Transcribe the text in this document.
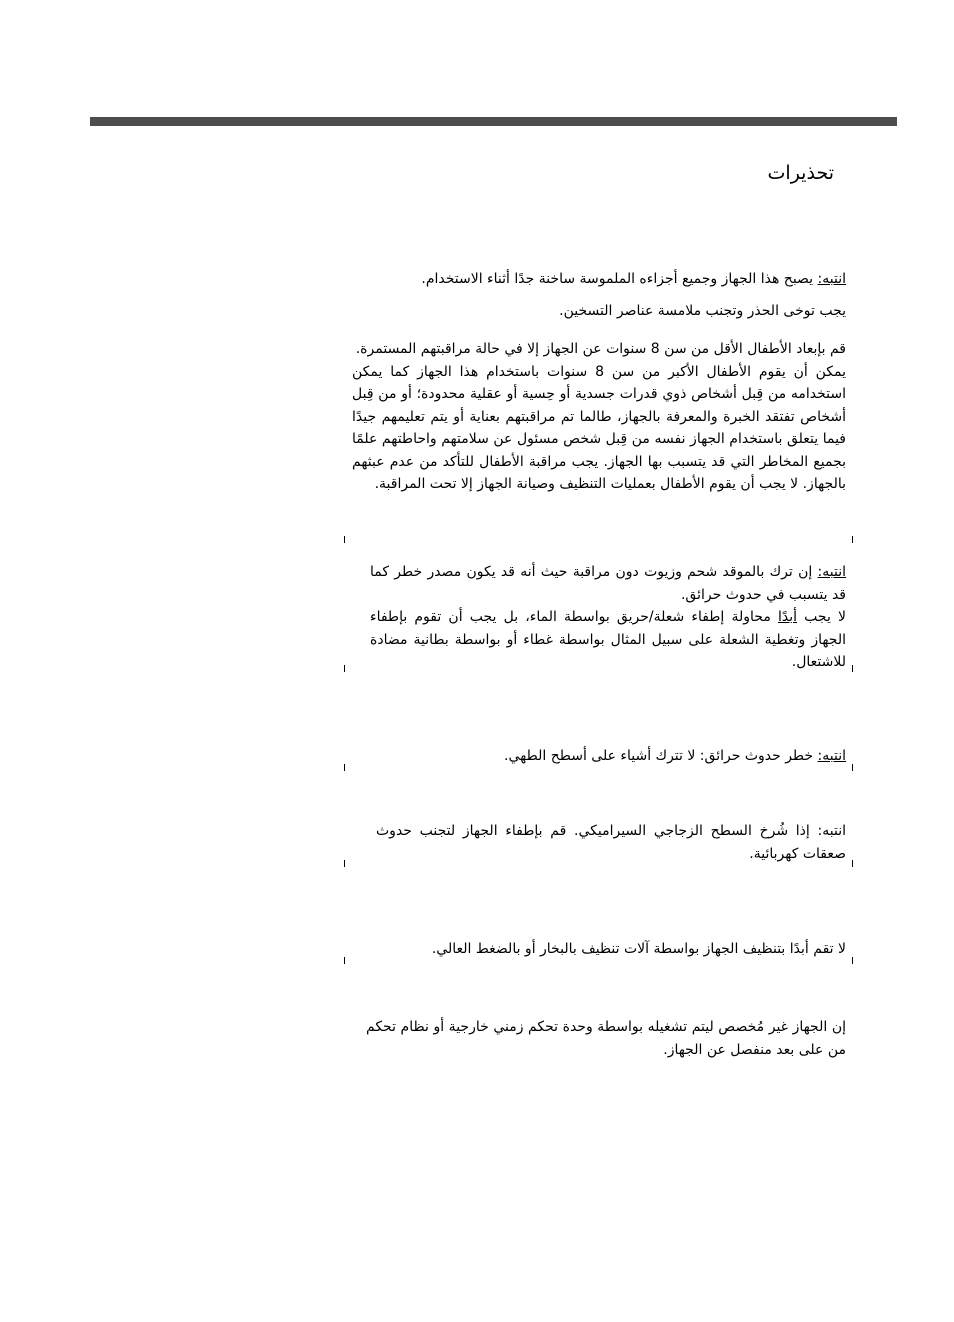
تحذيرات

انتبه: يصبح هذا الجهاز وجميع أجزاءه الملموسة ساخنة جدًا أثناء الاستخدام.

يجب توخى الحذر وتجنب ملامسة عناصر التسخين.

قم بإبعاد الأطفال الأقل من سن 8 سنوات عن الجهاز إلا في حالة مراقبتهم المستمرة.

يمكن أن يقوم الأطفال الأكبر من سن 8 سنوات باستخدام هذا الجهاز كما يمكن استخدامه من قِبل أشخاص ذوي قدرات جسدية أو حِسية أو عقلية محدودة؛ أو من قِبل أشخاص تفتقد الخبرة والمعرفة بالجهاز، طالما تم مراقبتهم بعناية أو يتم تعليمهم جيدًا فيما يتعلق باستخدام الجهاز نفسه من قِبل شخص مسئول عن سلامتهم واحاطتهم علمًا بجميع المخاطر التي قد يتسبب بها الجهاز. يجب مراقبة الأطفال للتأكد من عدم عبثهم بالجهاز. لا يجب أن يقوم الأطفال بعمليات التنظيف وصيانة الجهاز إلا تحت المراقبة.

انتبه: إن ترك بالموقد شحم وزيوت دون مراقبة حيث أنه قد يكون مصدر خطر كما قد يتسبب في حدوث حرائق.

لا يجب أبدًا محاولة إطفاء شعلة/حريق بواسطة الماء، بل يجب أن تقوم بإطفاء الجهاز وتغطية الشعلة على سبيل المثال بواسطة غطاء أو بواسطة بطانية مضادة للاشتعال.

انتبه: خطر حدوث حرائق: لا تترك أشياء على أسطح الطهي.

انتبه: إذا شُرخ السطح الزجاجي السيراميكي. قم بإطفاء الجهاز لتجنب حدوث صعقات كهربائية.

لا تقم أبدًا بتنظيف الجهاز بواسطة آلات تنظيف بالبخار أو بالضغط العالي.

إن الجهاز غير مُخصص ليتم تشغيله بواسطة وحدة تحكم زمني خارجية أو نظام تحكم من على بعد منفصل عن الجهاز.
